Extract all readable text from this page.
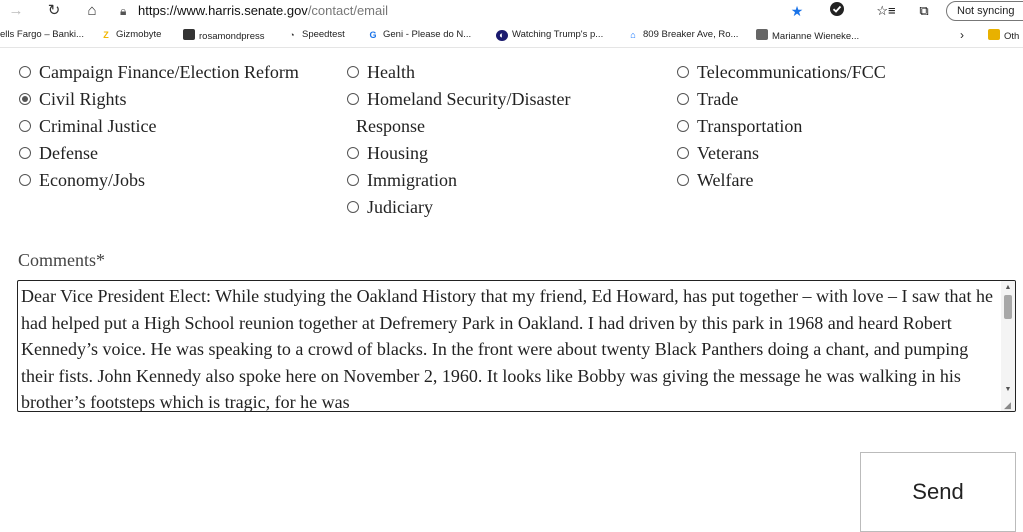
→ ↻	⌂	🔒︎ https://www.harris.senate.gov/contact/email	★	☆≡	⧉	Not syncing
ells Fargo – Banki...	Z Gizmobyte	rosamondpress	◔ Speedtest	G Geni - Please do N...	◐ Watching Trump's p...	⌂ 809 Breaker Ave, Ro...	Marianne Wieneke...	›	Oth
Campaign Finance/Election Reform
Civil Rights
Criminal Justice
Defense
Economy/Jobs
Health
Homeland Security/Disaster
Response
Housing
Immigration
Judiciary
Telecommunications/FCC
Trade
Transportation
Veterans
Welfare
Comments*
Dear Vice President Elect: While studying the Oakland History that my friend, Ed Howard, has put together – with love – I saw that he had helped put a High School reunion together at Defremery Park in Oakland. I had driven by this park in 1968 and heard Robert Kennedy’s voice. He was speaking to a crowd of blacks. In the front were about twenty Black Panthers doing a chant, and pumping their fists. John Kennedy also spoke here on November 2, 1960. It looks like Bobby was giving the message he was walking in his brother’s footsteps which is tragic, for he was
▲
▼
◢
Send
